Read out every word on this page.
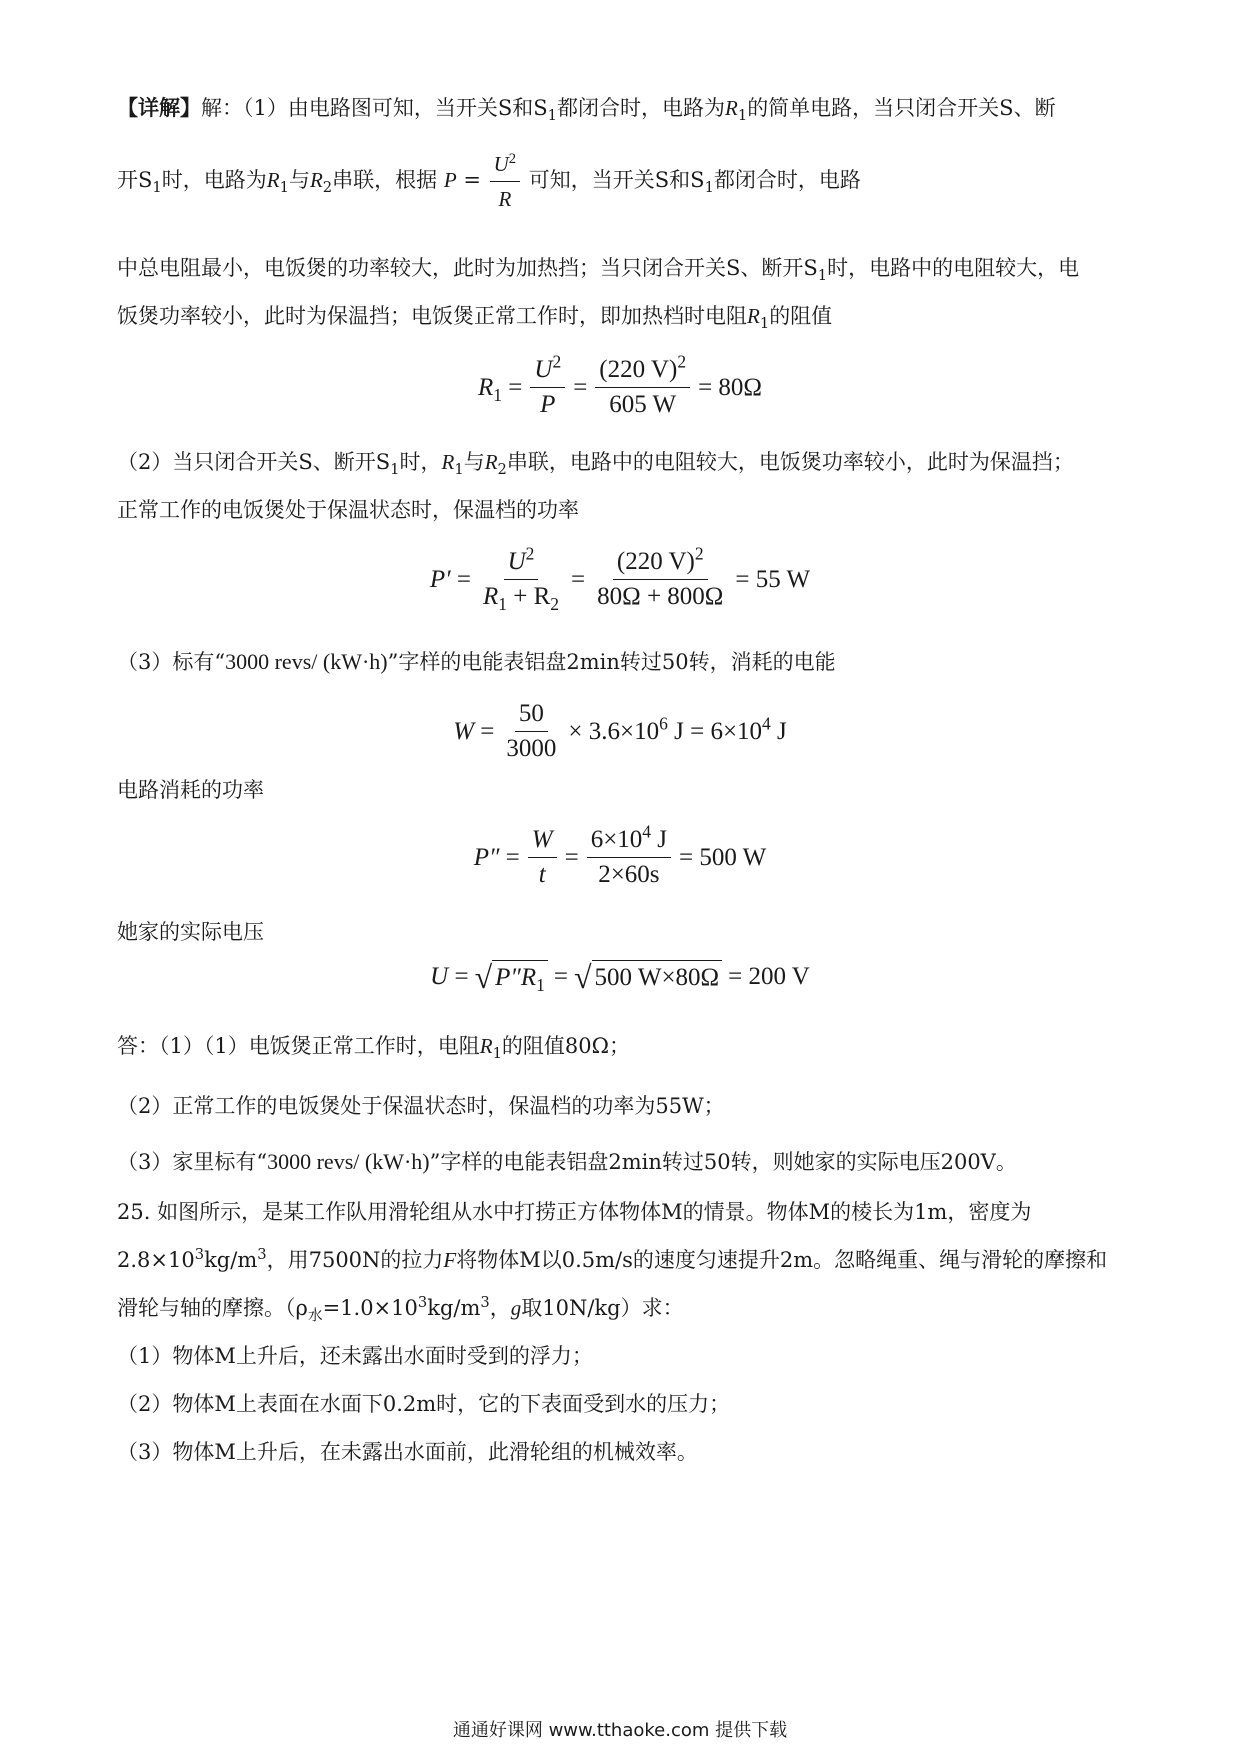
【详解】解：（1）由电路图可知，当开关S和$S_1$都闭合时，电路为$R_1$的简单电路，当只闭合开关S、断
开$S_1$时，电路为$R_1$与$R_2$串联，根据 $P = \frac{U^2}{R}$ 可知，当开关S和$S_1$都闭合时，电路
中总电阻最小，电饭煲的功率较大，此时为加热挡；当只闭合开关S、断开$S_1$时，电路中的电阻较大，电
饭煲功率较小，此时为保温挡；电饭煲正常工作时，即加热档时电阻$R_1$的阻值
$R_1 = \frac{U^2}{P} = \frac{(220 V)^2}{605 W} = 80\Omega$
（2）当只闭合开关S、断开$S_1$时，$R_1$与$R_2$串联，电路中的电阻较大，电饭煲功率较小，此时为保温挡；
正常工作的电饭煲处于保温状态时，保温档的功率
$P' = \frac{U^2}{R_1 + R_2} = \frac{(220 V)^2}{80\Omega + 800\Omega} = 55$ W
（3）标有“3000 revs/ (kW·h)”字样的电能表铝盘2min转过50转，消耗的电能
$W = \frac{50}{3000} \times 3.6\times 10^6$ $J = 6\times 10^4$ J
电路消耗的功率
$P'' = \frac{W}{t} = \frac{6\times 10^4 J}{2\times 60s} = 500$ W
她家的实际电压
U = √ $P''R_1$ = √ 500 W×80Ω = 200 V
答：（1）（1）电饭煲正常工作时，电阻$R_1$的阻值80Ω；
（2）正常工作的电饭煲处于保温状态时，保温档的功率为55W；
（3）家里标有“3000 revs/ (kW·h)”字样的电能表铝盘2min转过50转，则她家的实际电压200V。
25. 如图所示，是某工作队用滑轮组从水中打捞正方体物体M的情景。物体M的棱长为1m，密度为
$2.8\times 10^3kg/m^3$，用7500N的拉力F将物体M以0.5m/s的速度匀速提升2m。忽略绳重、绳与滑轮的摩擦和
滑轮与轴的摩擦。（$\rho_水=1.0\times 10^3kg/m^3$，g取10N/kg）求：
（1）物体M上升后，还未露出水面时受到的浮力；
（2）物体M上表面在水面下0.2m时，它的下表面受到水的压力；
（3）物体M上升后，在未露出水面前，此滑轮组的机械效率。
通通好课网 www.tthaoke.com 提供下载
